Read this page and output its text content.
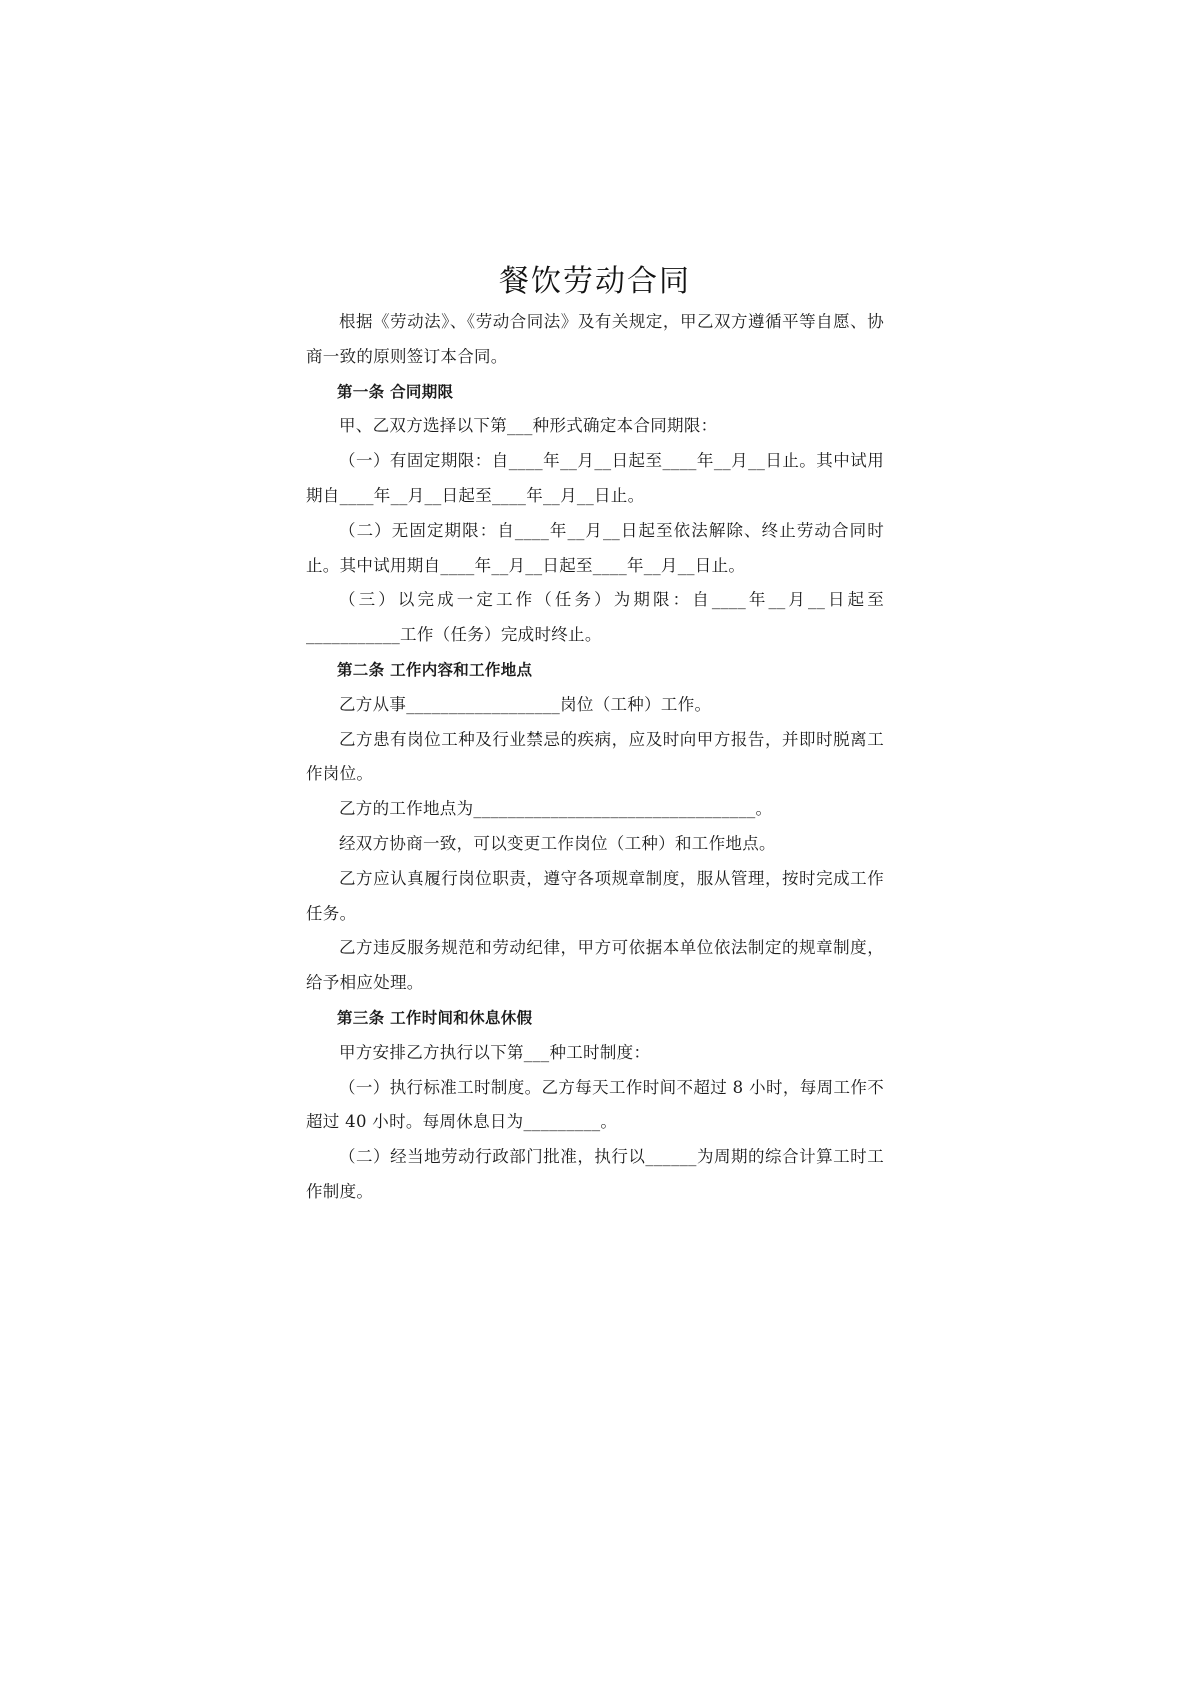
餐饮劳动合同

根据《劳动法》、《劳动合同法》及有关规定，甲乙双方遵循平等自愿、协商一致的原则签订本合同。

第一条 合同期限

甲、乙双方选择以下第___种形式确定本合同期限：

（一）有固定期限：自____年__月__日起至____年__月__日止。其中试用期自____年__月__日起至____年__月__日止。

（二）无固定期限：自____年__月__日起至依法解除、终止劳动合同时止。其中试用期自____年__月__日起至____年__月__日止。

（三）以完成一定工作（任务）为期限：自____年__月__日起至___________工作（任务）完成时终止。

第二条 工作内容和工作地点

乙方从事__________________岗位（工种）工作。

乙方患有岗位工种及行业禁忌的疾病，应及时向甲方报告，并即时脱离工作岗位。

乙方的工作地点为_________________________________。

经双方协商一致，可以变更工作岗位（工种）和工作地点。

乙方应认真履行岗位职责，遵守各项规章制度，服从管理，按时完成工作任务。

乙方违反服务规范和劳动纪律，甲方可依据本单位依法制定的规章制度，给予相应处理。

第三条 工作时间和休息休假

甲方安排乙方执行以下第___种工时制度：

（一）执行标准工时制度。乙方每天工作时间不超过 8 小时，每周工作不超过 40 小时。每周休息日为_________。

（二）经当地劳动行政部门批准，执行以______为周期的综合计算工时工作制度。
